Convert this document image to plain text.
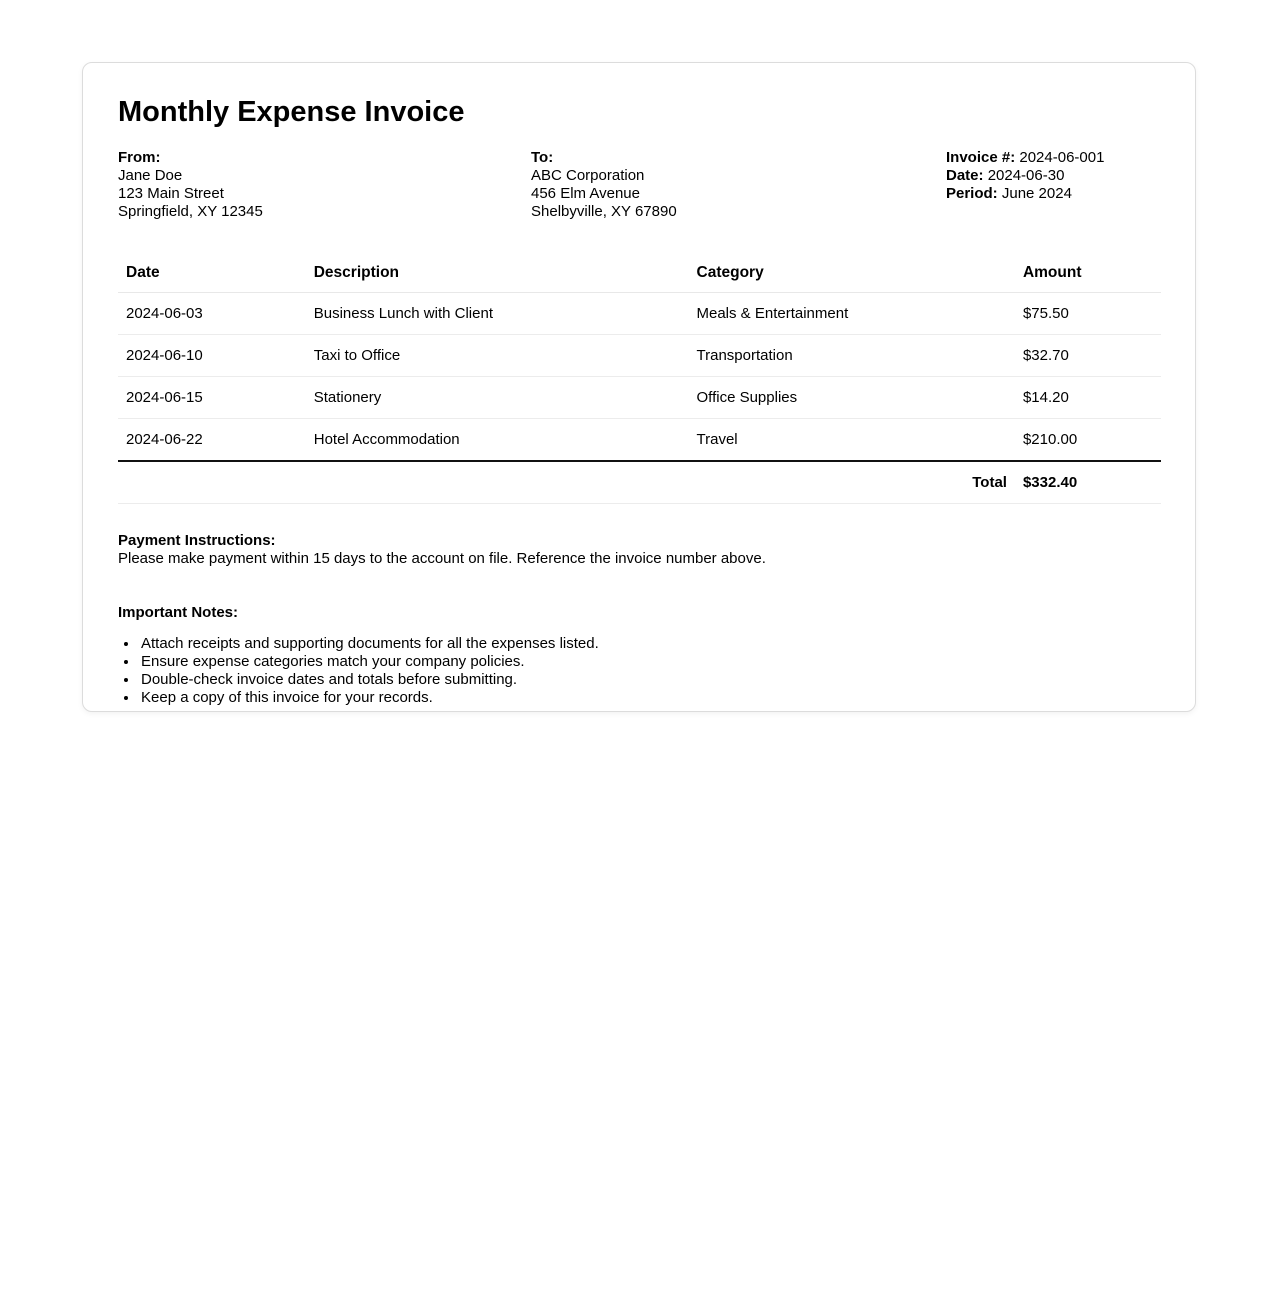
Monthly Expense Invoice
From:
Jane Doe
123 Main Street
Springfield, XY 12345
To:
ABC Corporation
456 Elm Avenue
Shelbyville, XY 67890
Invoice #: 2024-06-001
Date: 2024-06-30
Period: June 2024
Date	Description	Category	Amount
2024-06-03	Business Lunch with Client	Meals & Entertainment	$75.50
2024-06-10	Taxi to Office	Transportation	$32.70
2024-06-15	Stationery	Office Supplies	$14.20
2024-06-22	Hotel Accommodation	Travel	$210.00
Total			$332.40
Payment Instructions:
Please make payment within 15 days to the account on file. Reference the invoice number above.
Important Notes:
• Attach receipts and supporting documents for all the expenses listed.
• Ensure expense categories match your company policies.
• Double-check invoice dates and totals before submitting.
• Keep a copy of this invoice for your records.
